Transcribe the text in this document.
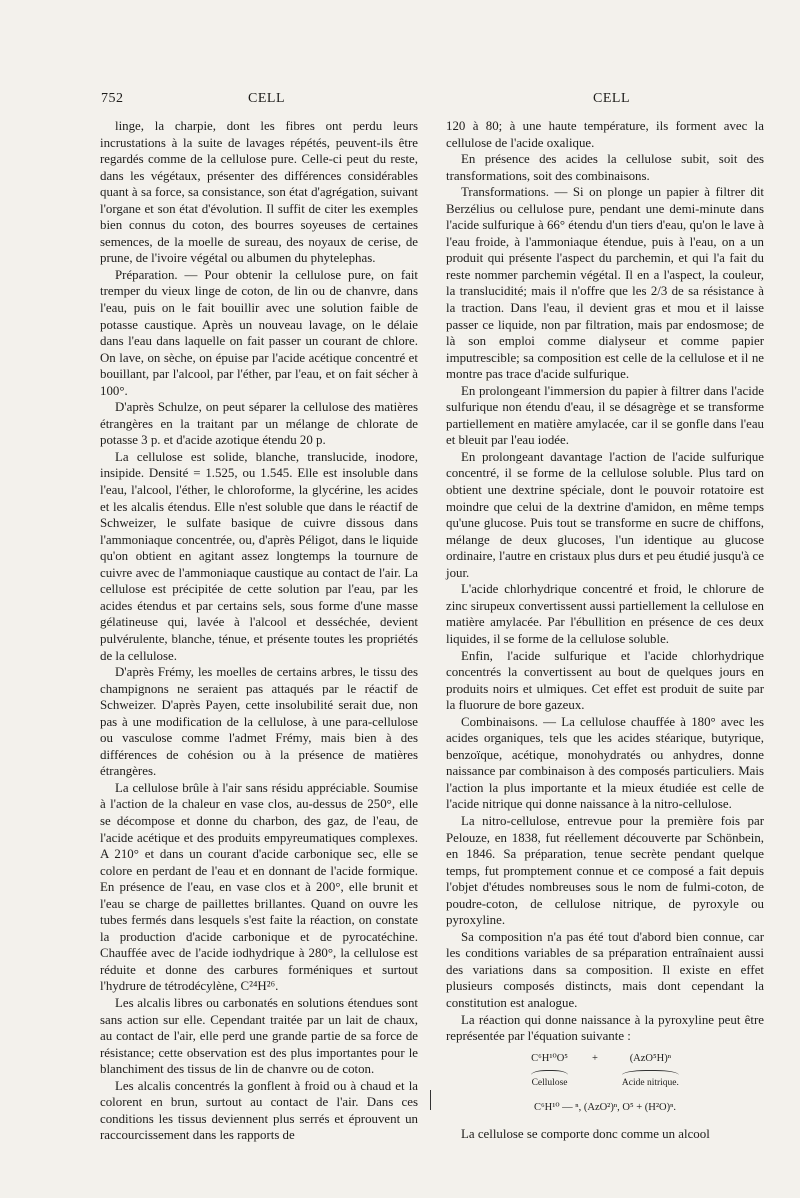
752	CELL	CELL

linge, la charpie, dont les fibres ont perdu leurs incrustations à la suite de lavages répétés, peuvent-ils être regardés comme de la cellulose pure. Celle-ci peut du reste, dans les végétaux, présenter des différences considérables quant à sa force, sa consistance, son état d'agrégation, suivant l'organe et son état d'évolution. Il suffit de citer les exemples bien connus du coton, des bourres soyeuses de certaines semences, de la moelle de sureau, des noyaux de cerise, de prune, de l'ivoire végétal ou albumen du phytelephas.

Préparation. — Pour obtenir la cellulose pure, on fait tremper du vieux linge de coton, de lin ou de chanvre, dans l'eau, puis on le fait bouillir avec une solution faible de potasse caustique. Après un nouveau lavage, on le délaie dans l'eau dans laquelle on fait passer un courant de chlore. On lave, on sèche, on épuise par l'acide acétique concentré et bouillant, par l'alcool, par l'éther, par l'eau, et on fait sécher à 100°.

D'après Schulze, on peut séparer la cellulose des matières étrangères en la traitant par un mélange de chlorate de potasse 3 p. et d'acide azotique étendu 20 p.

La cellulose est solide, blanche, translucide, inodore, insipide. Densité = 1.525, ou 1.545. Elle est insoluble dans l'eau, l'alcool, l'éther, le chloroforme, la glycérine, les acides et les alcalis étendus. Elle n'est soluble que dans le réactif de Schweizer, le sulfate basique de cuivre dissous dans l'ammoniaque concentrée, ou, d'après Péligot, dans le liquide qu'on obtient en agitant assez longtemps la tournure de cuivre avec de l'ammoniaque caustique au contact de l'air. La cellulose est précipitée de cette solution par l'eau, par les acides étendus et par certains sels, sous forme d'une masse gélatineuse qui, lavée à l'alcool et desséchée, devient pulvérulente, blanche, ténue, et présente toutes les propriétés de la cellulose.

D'après Frémy, les moelles de certains arbres, le tissu des champignons ne seraient pas attaqués par le réactif de Schweizer. D'après Payen, cette insolubilité serait due, non pas à une modification de la cellulose, à une para-cellulose ou vasculose comme l'admet Frémy, mais bien à des différences de cohésion ou à la présence de matières étrangères.

La cellulose brûle à l'air sans résidu appréciable. Soumise à l'action de la chaleur en vase clos, au-dessus de 250°, elle se décompose et donne du charbon, des gaz, de l'eau, de l'acide acétique et des produits empyreumatiques complexes. A 210° et dans un courant d'acide carbonique sec, elle se colore en perdant de l'eau et en donnant de l'acide formique. En présence de l'eau, en vase clos et à 200°, elle brunit et l'eau se charge de paillettes brillantes. Quand on ouvre les tubes fermés dans lesquels s'est faite la réaction, on constate la production d'acide carbonique et de pyrocatéchine. Chauffée avec de l'acide iodhydrique à 280°, la cellulose est réduite et donne des carbures forméniques et surtout l'hydrure de tétrodécylène, C²⁴H²⁶.

Les alcalis libres ou carbonatés en solutions étendues sont sans action sur elle. Cependant traitée par un lait de chaux, au contact de l'air, elle perd une grande partie de sa force de résistance; cette observation est des plus importantes pour le blanchiment des tissus de lin de chanvre ou de coton.

Les alcalis concentrés la gonflent à froid ou à chaud et la colorent en brun, surtout au contact de l'air. Dans ces conditions les tissus deviennent plus serrés et éprouvent un raccourcissement dans les rapports de

120 à 80; à une haute température, ils forment avec la cellulose de l'acide oxalique.

En présence des acides la cellulose subit, soit des transformations, soit des combinaisons.

Transformations. — Si on plonge un papier à filtrer dit Berzélius ou cellulose pure, pendant une demi-minute dans l'acide sulfurique à 66° étendu d'un tiers d'eau, qu'on le lave à l'eau froide, à l'ammoniaque étendue, puis à l'eau, on a un produit qui présente l'aspect du parchemin, et qui l'a fait du reste nommer parchemin végétal. Il en a l'aspect, la couleur, la translucidité; mais il n'offre que les 2/3 de sa résistance à la traction. Dans l'eau, il devient gras et mou et il laisse passer ce liquide, non par filtration, mais par endosmose; de là son emploi comme dialyseur et comme papier imputrescible; sa composition est celle de la cellulose et il ne montre pas trace d'acide sulfurique.

En prolongeant l'immersion du papier à filtrer dans l'acide sulfurique non étendu d'eau, il se désagrège et se transforme partiellement en matière amylacée, car il se gonfle dans l'eau et bleuit par l'eau iodée.

En prolongeant davantage l'action de l'acide sulfurique concentré, il se forme de la cellulose soluble. Plus tard on obtient une dextrine spéciale, dont le pouvoir rotatoire est moindre que celui de la dextrine d'amidon, en même temps qu'une glucose. Puis tout se transforme en sucre de chiffons, mélange de deux glucoses, l'un identique au glucose ordinaire, l'autre en cristaux plus durs et peu étudié jusqu'à ce jour.

L'acide chlorhydrique concentré et froid, le chlorure de zinc sirupeux convertissent aussi partiellement la cellulose en matière amylacée. Par l'ébullition en présence de ces deux liquides, il se forme de la cellulose soluble.

Enfin, l'acide sulfurique et l'acide chlorhydrique concentrés la convertissent au bout de quelques jours en produits noirs et ulmiques. Cet effet est produit de suite par la fluorure de bore gazeux.

Combinaisons. — La cellulose chauffée à 180° avec les acides organiques, tels que les acides stéarique, butyrique, benzoïque, acétique, monohydratés ou anhydres, donne naissance par combinaison à des composés particuliers. Mais l'action la plus importante et la mieux étudiée est celle de l'acide nitrique qui donne naissance à la nitro-cellulose.

La nitro-cellulose, entrevue pour la première fois par Pelouze, en 1838, fut réellement découverte par Schönbein, en 1846. Sa préparation, tenue secrète pendant quelque temps, fut promptement connue et ce composé a fait depuis l'objet d'études nombreuses sous le nom de fulmi-coton, de poudre-coton, de cellulose nitrique, de pyroxyle ou pyroxyline.

Sa composition n'a pas été tout d'abord bien connue, car les conditions variables de sa préparation entraînaient aussi des variations dans sa composition. Il existe en effet plusieurs composés distincts, mais dont cependant la constitution est analogue.

La réaction qui donne naissance à la pyroxyline peut être représentée par l'équation suivante :

C⁶H¹⁰O⁵
Cellulose
+	(AzO⁵H)ⁿ
Acide nitrique.
C⁶H¹⁰ — ⁿ, (AzO²)ⁿ, O⁵ + (H²O)ⁿ.

La cellulose se comporte donc comme un alcool
